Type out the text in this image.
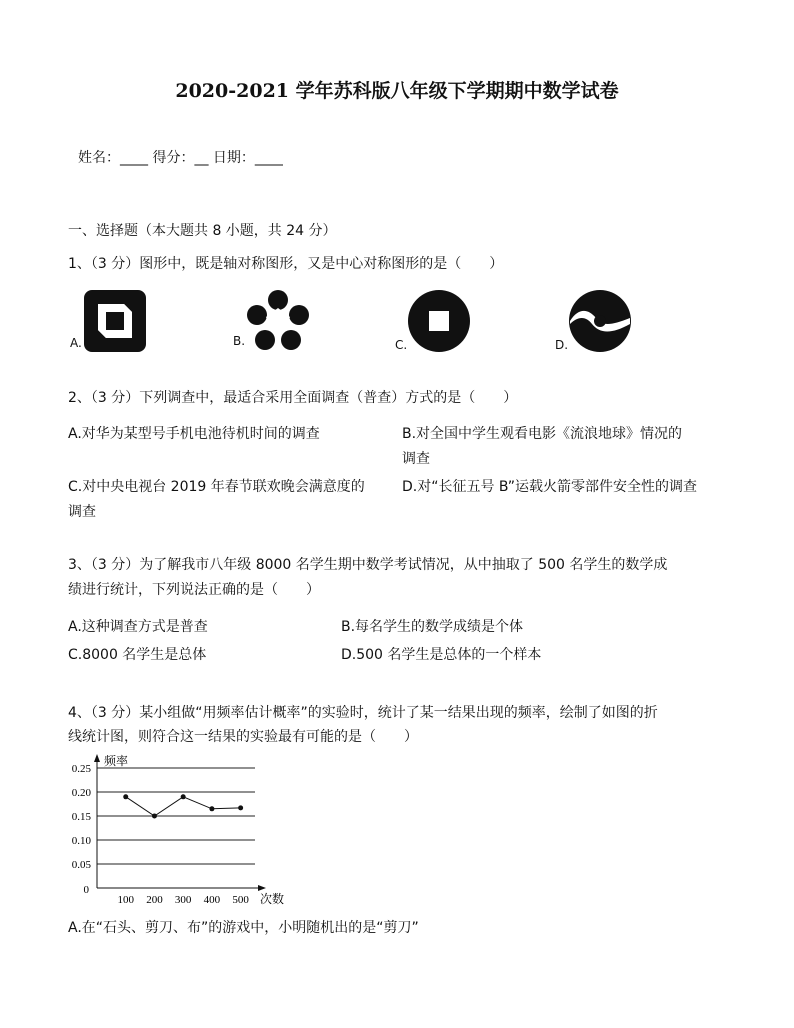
2020-2021 学年苏科版八年级下学期期中数学试卷
姓名：____ 得分：__ 日期：____
一、选择题（本大题共 8 小题，共 24 分）
1、（3 分）图形中，既是轴对称图形，又是中心对称图形的是（　　）
A.	B.	C.	D.
2、（3 分）下列调查中，最适合采用全面调查（普查）方式的是（　　）
A.对华为某型号手机电池待机时间的调查	B.对全国中学生观看电影《流浪地球》情况的
调查
C.对中央电视台 2019 年春节联欢晚会满意度的
调查
D.对“长征五号 B”运载火箭零部件安全性的调查
3、（3 分）为了解我市八年级 8000 名学生期中数学考试情况，从中抽取了 500 名学生的数学成
绩进行统计，下列说法正确的是（　　）
A.这种调查方式是普查	B.每名学生的数学成绩是个体
C.8000 名学生是总体	D.500 名学生是总体的一个样本
4、（3 分）某小组做“用频率估计概率”的实验时，统计了某一结果出现的频率，绘制了如图的折
线统计图，则符合这一结果的实验最有可能的是（　　）
频率
次数
0
0.25
0.20
0.15
0.10
0.05
100 200 300 400 500
A.在“石头、剪刀、布”的游戏中，小明随机出的是“剪刀”
